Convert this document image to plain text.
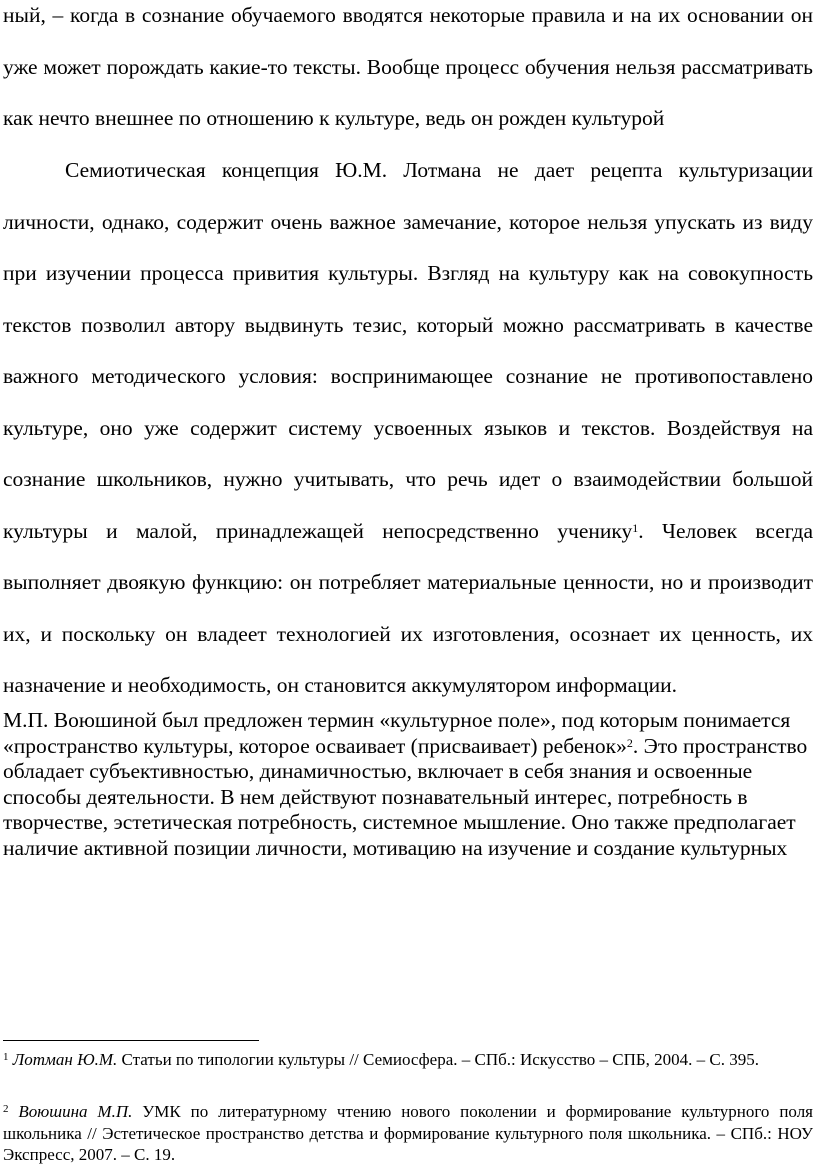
ный, – когда в сознание обучаемого вводятся некоторые правила и на их основании он уже может порождать какие-то тексты. Вообще процесс обучения нельзя рассматривать как нечто внешнее по отношению к культуре, ведь он рожден культурой

Семиотическая концепция Ю.М. Лотмана не дает рецепта культуризации личности, однако, содержит очень важное замечание, которое нельзя упускать из виду при изучении процесса привития культуры. Взгляд на культуру как на совокупность текстов позволил автору выдвинуть тезис, который можно рассматривать в качестве важного методического условия: воспринимающее сознание не противопоставлено культуре, оно уже содержит систему усвоенных языков и текстов. Воздействуя на сознание школьников, нужно учитывать, что речь идет о взаимодействии большой культуры и малой, принадлежащей непосредственно ученику$^1$. Человек всегда выполняет двоякую функцию: он потребляет материальные ценности, но и производит их, и поскольку он владеет технологией их изготовления, осознает их ценность, их назначение и необходимость, он становится аккумулятором информации.

М.П. Воюшиной был предложен термин «культурное поле», под которым понимается «пространство культуры, которое осваивает (присваивает) ребенок»$^2$. Это пространство обладает субъективностью, динамичностью, включает в себя знания и освоенные способы деятельности. В нем действуют познавательный интерес, потребность в творчестве, эстетическая потребность, системное мышление. Оно также предполагает наличие активной позиции личности, мотивацию на изучение и создание культурных

$^1$ Лотман Ю.М. Статьи по типологии культуры // Семиосфера. – СПб.: Искусство – СПБ, 2004. – С. 395.

$^2$ Воюшина М.П. УМК по литературному чтению нового поколении и формирование культурного поля школьника // Эстетическое пространство детства и формирование культурного поля школьника. – СПб.: НОУ Экспресс, 2007. – С. 19.
